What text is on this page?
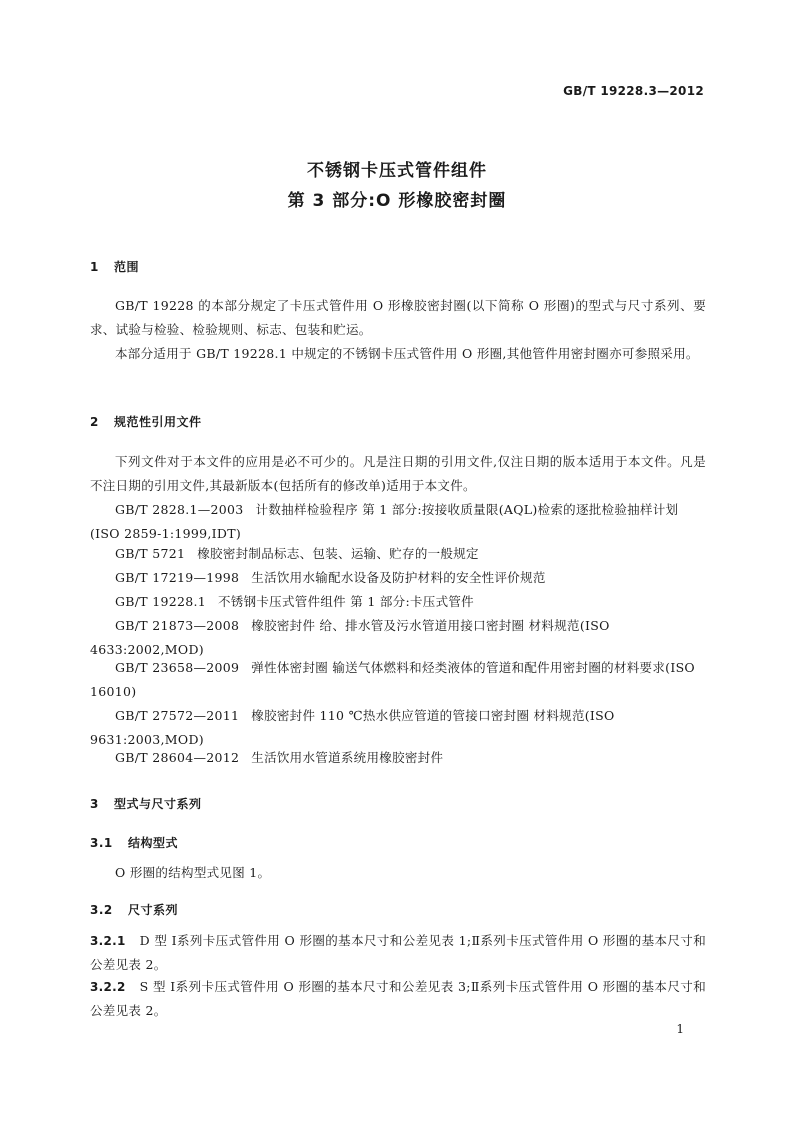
GB/T 19228.3—2012
不锈钢卡压式管件组件
第 3 部分:O 形橡胶密封圈
1 范围
GB/T 19228 的本部分规定了卡压式管件用 O 形橡胶密封圈(以下简称 O 形圈)的型式与尺寸系列、要求、试验与检验、检验规则、标志、包装和贮运。
本部分适用于 GB/T 19228.1 中规定的不锈钢卡压式管件用 O 形圈,其他管件用密封圈亦可参照采用。
2 规范性引用文件
下列文件对于本文件的应用是必不可少的。凡是注日期的引用文件,仅注日期的版本适用于本文件。凡是不注日期的引用文件,其最新版本(包括所有的修改单)适用于本文件。
GB/T 2828.1—2003 计数抽样检验程序 第 1 部分:按接收质量限(AQL)检索的逐批检验抽样计划(ISO 2859-1:1999,IDT)
GB/T 5721 橡胶密封制品标志、包装、运输、贮存的一般规定
GB/T 17219—1998 生活饮用水输配水设备及防护材料的安全性评价规范
GB/T 19228.1 不锈钢卡压式管件组件 第 1 部分:卡压式管件
GB/T 21873—2008 橡胶密封件 给、排水管及污水管道用接口密封圈 材料规范(ISO 4633:2002,MOD)
GB/T 23658—2009 弹性体密封圈 输送气体燃料和烃类液体的管道和配件用密封圈的材料要求(ISO 16010)
GB/T 27572—2011 橡胶密封件 110 ℃热水供应管道的管接口密封圈 材料规范(ISO 9631:2003,MOD)
GB/T 28604—2012 生活饮用水管道系统用橡胶密封件
3 型式与尺寸系列
3.1 结构型式
O 形圈的结构型式见图 1。
3.2 尺寸系列
3.2.1 D 型 Ⅰ系列卡压式管件用 O 形圈的基本尺寸和公差见表 1;Ⅱ系列卡压式管件用 O 形圈的基本尺寸和公差见表 2。
3.2.2 S 型 Ⅰ系列卡压式管件用 O 形圈的基本尺寸和公差见表 3;Ⅱ系列卡压式管件用 O 形圈的基本尺寸和公差见表 2。
1
